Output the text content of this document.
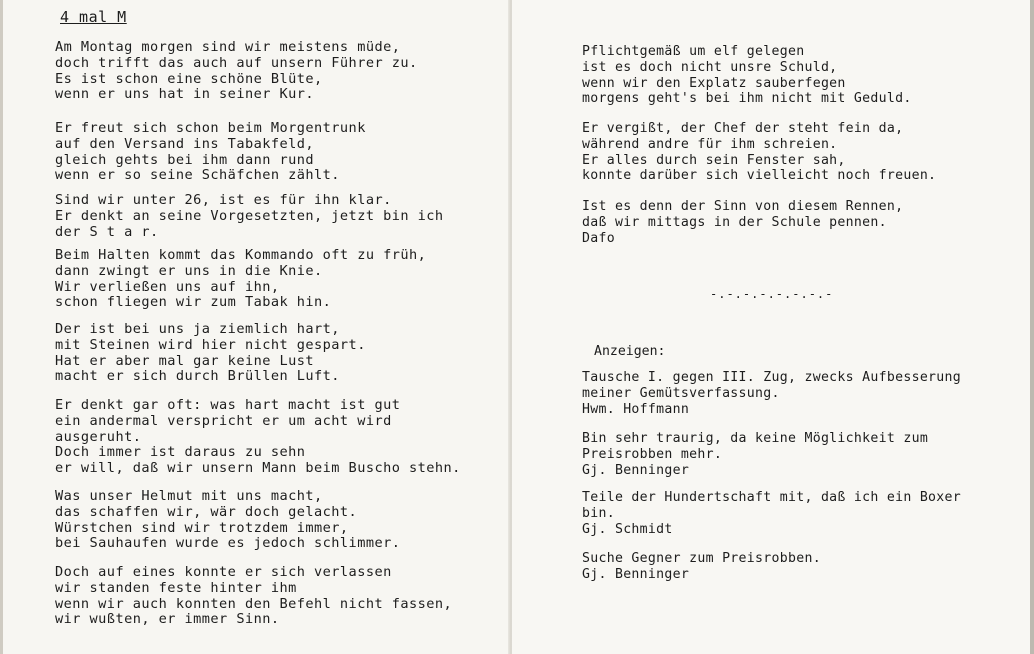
4 mal M
Am Montag morgen sind wir meistens müde,
doch trifft das auch auf unsern Führer zu.
Es ist schon eine schöne Blüte,
wenn er uns hat in seiner Kur.
Er freut sich schon beim Morgentrunk
auf den Versand ins Tabakfeld,
gleich gehts bei ihm dann rund
wenn er so seine Schäfchen zählt.
Sind wir unter 26, ist es für ihn klar.
Er denkt an seine Vorgesetzten, jetzt bin ich
der S t a r.
Beim Halten kommt das Kommando oft zu früh,
dann zwingt er uns in die Knie.
Wir verließen uns auf ihn,
schon fliegen wir zum Tabak hin.
Der ist bei uns ja ziemlich hart,
mit Steinen wird hier nicht gespart.
Hat er aber mal gar keine Lust
macht er sich durch Brüllen Luft.
Er denkt gar oft: was hart macht ist gut
ein andermal verspricht er um acht wird
ausgeruht.
Doch immer ist daraus zu sehn
er will, daß wir unsern Mann beim Buscho stehn.
Was unser Helmut mit uns macht,
das schaffen wir, wär doch gelacht.
Würstchen sind wir trotzdem immer,
bei Sauhaufen wurde es jedoch schlimmer.
Doch auf eines konnte er sich verlassen
wir standen feste hinter ihm
wenn wir auch konnten den Befehl nicht fassen,
wir wußten, er immer Sinn.
Pflichtgemäß um elf gelegen
ist es doch nicht unsre Schuld,
wenn wir den Explatz sauberfegen
morgens geht's bei ihm nicht mit Geduld.
Er vergißt, der Chef der steht fein da,
während andre für ihm schreien.
Er alles durch sein Fenster sah,
konnte darüber sich vielleicht noch freuen.
Ist es denn der Sinn von diesem Rennen,
daß wir mittags in der Schule pennen.
Dafo
-.-.-.-.-.-.-.-
Anzeigen:
Tausche I. gegen III. Zug, zwecks Aufbesserung
meiner Gemütsverfassung.
Hwm. Hoffmann
Bin sehr traurig, da keine Möglichkeit zum
Preisrobben mehr.
Gj. Benninger
Teile der Hundertschaft mit, daß ich ein Boxer
bin.
Gj. Schmidt
Suche Gegner zum Preisrobben.
Gj. Benninger
